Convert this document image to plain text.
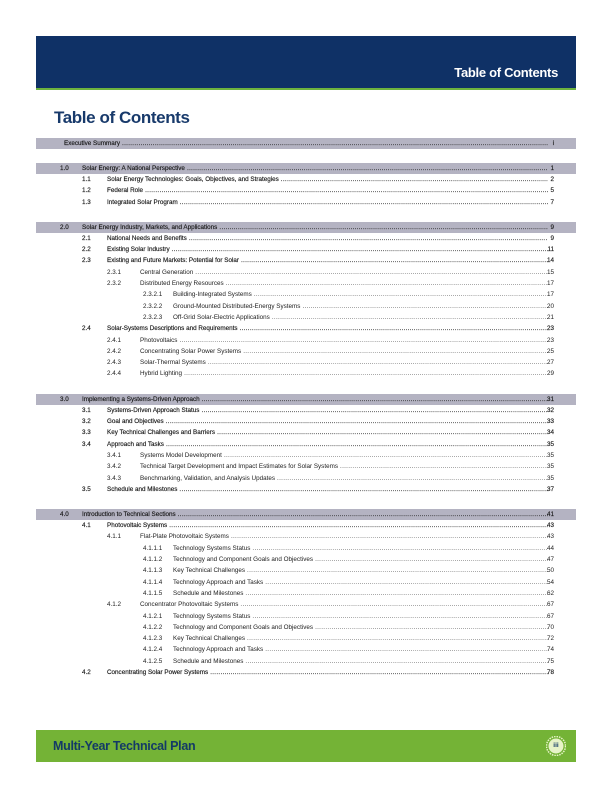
Table of Contents
Table of Contents
Executive Summary .....	i
1.0 Solar Energy: A National Perspective .....	1
1.1	Solar Energy Technologies: Goals, Objectives, and Strategies .....	2
1.2	Federal Role .....	5
1.3	Integrated Solar Program .....	7
2.0 Solar Energy Industry, Markets, and Applications .....	9
2.1	National Needs and Benefits .....	9
2.2	Existing Solar Industry .....	11
2.3	Existing and Future Markets: Potential for Solar .....	14
2.3.1	Central Generation .....	15
2.3.2	Distributed Energy Resources .....	17
2.3.2.1 Building-Integrated Systems .....	17
2.3.2.2 Ground-Mounted Distributed-Energy Systems .....	20
2.3.2.3 Off-Grid Solar-Electric Applications .....	21
2.4	Solar-Systems Descriptions and Requirements .....	23
2.4.1	Photovoltaics .....	23
2.4.2	Concentrating Solar Power Systems .....	25
2.4.3	Solar-Thermal Systems .....	27
2.4.4	Hybrid Lighting .....	29
3.0 Implementing a Systems-Driven Approach .....	31
3.1	Systems-Driven Approach Status .....	32
3.2	Goal and Objectives .....	33
3.3	Key Technical Challenges and Barriers .....	34
3.4	Approach and Tasks .....	35
3.4.1	Systems Model Development .....	35
3.4.2	Technical Target Development and Impact Estimates for Solar Systems .....	35
3.4.3	Benchmarking, Validation, and Analysis Updates .....	35
3.5	Schedule and Milestones .....	37
4.0 Introduction to Technical Sections .....	41
4.1	Photovoltaic Systems .....	43
4.1.1	Flat-Plate Photovoltaic Systems .....	43
4.1.1.1 Technology Systems Status .....	44
4.1.1.2 Technology and Component Goals and Objectives .....	47
4.1.1.3 Key Technical Challenges .....	50
4.1.1.4 Technology Approach and Tasks .....	54
4.1.1.5 Schedule and Milestones .....	62
4.1.2	Concentrator Photovoltaic Systems .....	67
4.1.2.1 Technology Systems Status .....	67
4.1.2.2 Technology and Component Goals and Objectives .....	70
4.1.2.3 Key Technical Challenges .....	72
4.1.2.4 Technology Approach and Tasks .....	74
4.1.2.5 Schedule and Milestones .....	75
4.2	Concentrating Solar Power Systems .....	78
Multi-Year Technical Plan	iii
